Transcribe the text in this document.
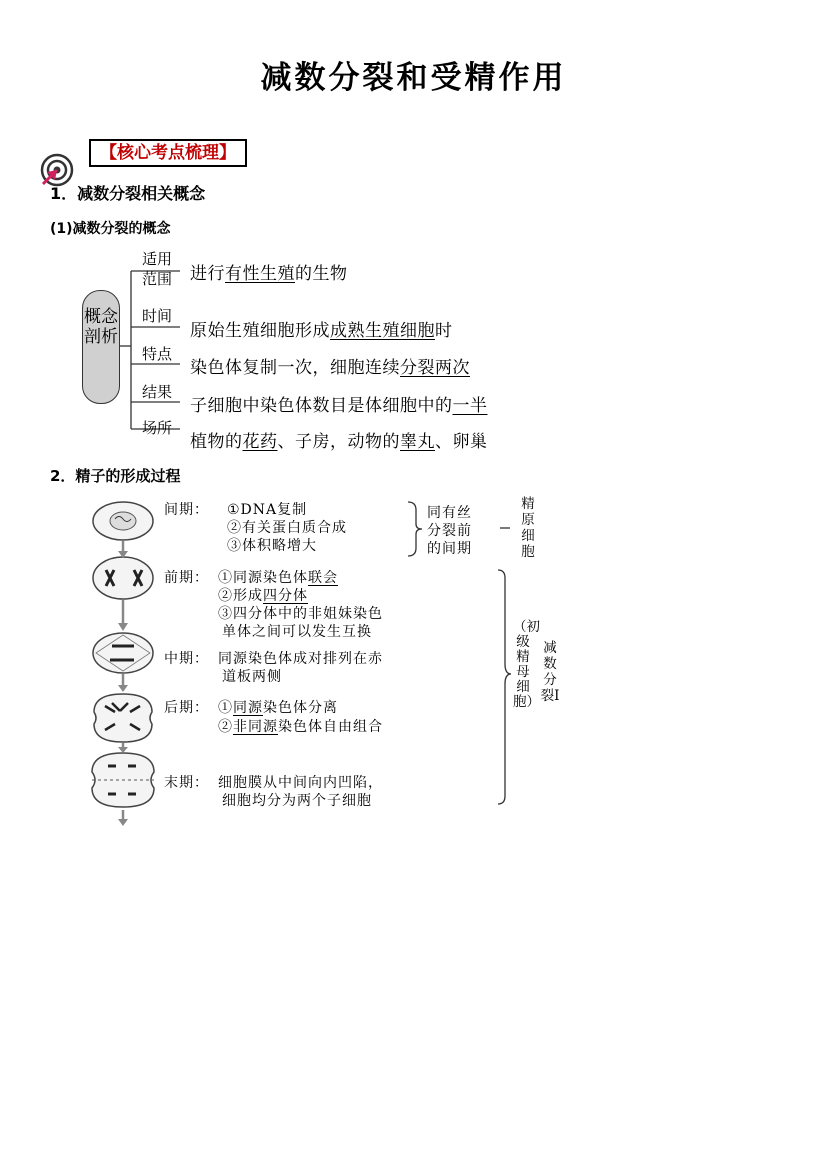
减数分裂和受精作用
【核心考点梳理】
1．减数分裂相关概念
(1)减数分裂的概念
概念剖析
适用范围
时间
特点
结果
场所
进行有性生殖的生物
原始生殖细胞形成成熟生殖细胞时
染色体复制一次，细胞连续分裂两次
子细胞中染色体数目是体细胞中的一半
植物的花药、子房，动物的睾丸、卵巢
2．精子的形成过程
间期： ①DNA复制
②有关蛋白质合成
③体积略增大
同有丝
分裂前
的间期
精原细胞
前期： ①同源染色体联会
②形成四分体
③四分体中的非姐妹染色
单体之间可以发生互换
中期： 同源染色体成对排列在赤
道板两侧
后期： ①同源染色体分离
②非同源染色体自由组合
末期： 细胞膜从中间向内凹陷，
细胞均分为两个子细胞
（初级精母细胞）
减数分裂Ⅰ
